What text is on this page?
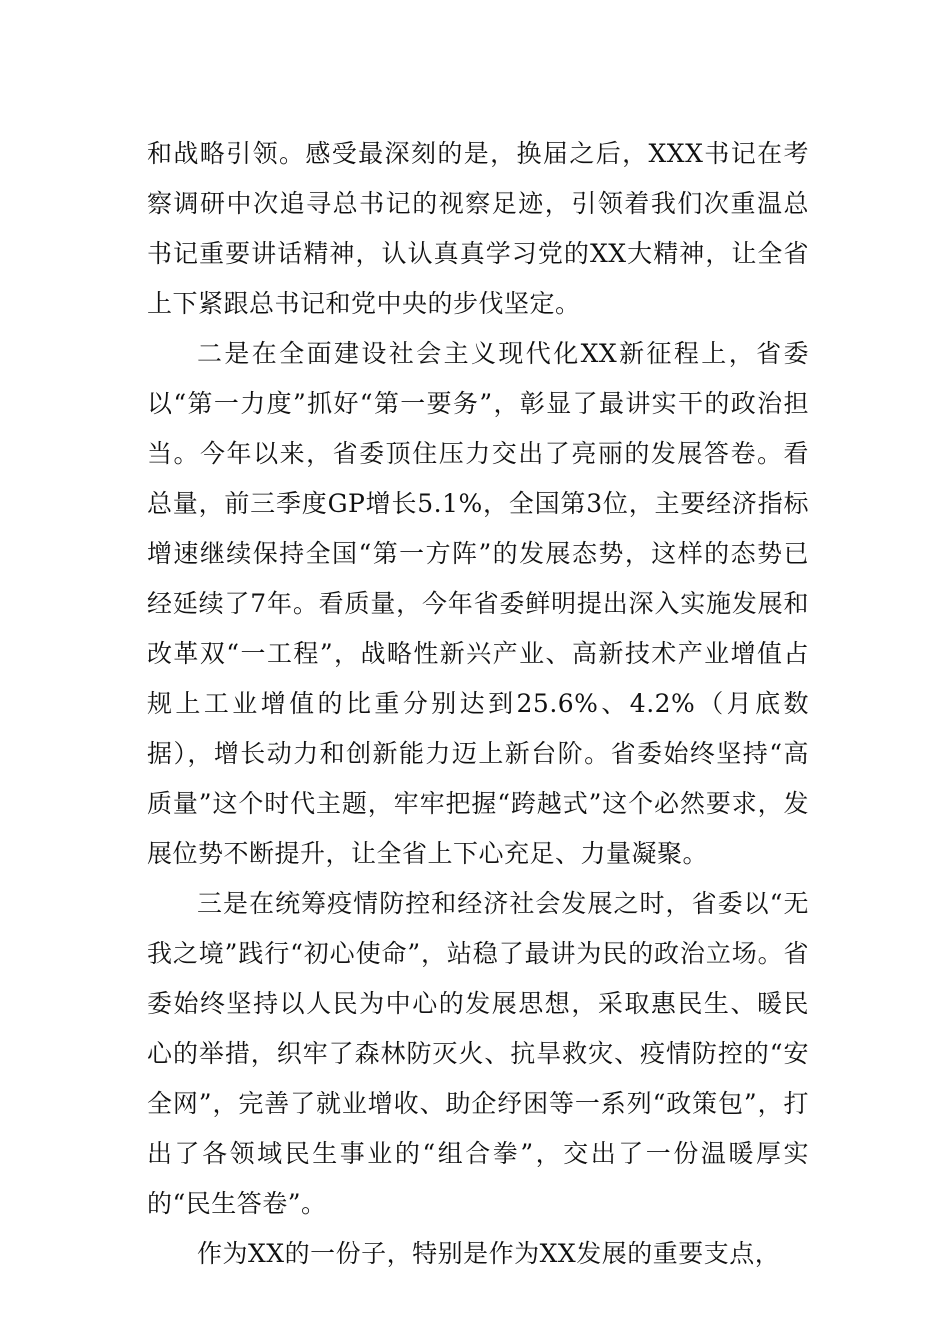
和战略引领。感受最深刻的是，换届之后，XXX书记在考察调研中次追寻总书记的视察足迹，引领着我们次重温总书记重要讲话精神，认认真真学习党的XX大精神，让全省上下紧跟总书记和党中央的步伐坚定。

二是在全面建设社会主义现代化XX新征程上，省委以“第一力度”抓好“第一要务”，彰显了最讲实干的政治担当。今年以来，省委顶住压力交出了亮丽的发展答卷。看总量，前三季度GP增长5.1%，全国第3位，主要经济指标增速继续保持全国“第一方阵”的发展态势，这样的态势已经延续了7年。看质量，今年省委鲜明提出深入实施发展和改革双“一工程”，战略性新兴产业、高新技术产业增值占规上工业增值的比重分别达到25.6%、4.2%（月底数据），增长动力和创新能力迈上新台阶。省委始终坚持“高质量”这个时代主题，牢牢把握“跨越式”这个必然要求，发展位势不断提升，让全省上下心充足、力量凝聚。

三是在统筹疫情防控和经济社会发展之时，省委以“无我之境”践行“初心使命”，站稳了最讲为民的政治立场。省委始终坚持以人民为中心的发展思想，采取惠民生、暖民心的举措，织牢了森林防灭火、抗旱救灾、疫情防控的“安全网”，完善了就业增收、助企纾困等一系列“政策包”，打出了各领域民生事业的“组合拳”，交出了一份温暖厚实的“民生答卷”。

作为XX的一份子，特别是作为XX发展的重要支点，
